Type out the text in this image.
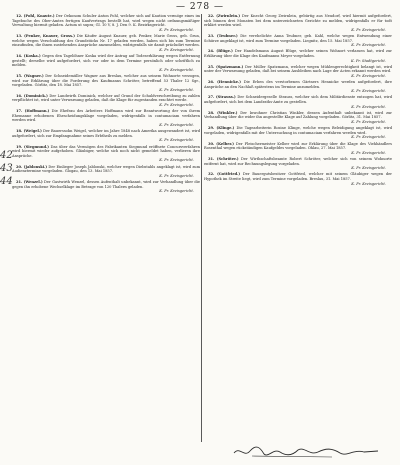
— 278 —

12. (Pohl, Knaute.) Der Oekonom Schuler Anton Pohl, welcher sich auf Kaution vermöge eines im Tagebuche des Ober-Amtes fertigen Kaufvertrags bestellt hat, wird wegen nicht ordnungsmäßiger Verwaltung hiermit geladen. Actum ut supra; Gl. 10 V, 8. J. Den 9. K. Bezirksgericht.
K. Pr. Kreisgericht.

13. (Penker, Knauer, Gross.) Die Käufer August Knauer, geb. Penker, Marie Gross, geb. Grun, welche wegen Verschuldung des Grundstücks Nr. 17 geladen werden, haben sich bis zum Termine einzufinden, die ihnen zustehenden Ansprüche anzumelden, widrigenfalls sie damit präcludirt werden.
K. Pr. Kreisgericht.

14. (Koska.) Gegen den Tagelöhner Koska wird der Antrag auf Todeserklärung wegen Entfernung gestellt; derselbe wird aufgefordert, sich vor oder in dem Termine persönlich oder schriftlich zu melden.
K. Pr. Kreisgericht.

15. (Wagner.) Der Schneidemüller Wagner aus Breslau, welcher aus seinem Wohnorte verzogen, wird zur Erklärung über die Forderung des Kaufmanns Schröter, betreffend 53 Thaler 12 Sgr., vorgeladen. Görlitz, den 18. Mai 1857.
K. Pr. Kreisgericht.

16. (Dominick.) Der Landwirth Dominick, welcher auf Grund der Schuldverschreibung zu zahlen verpflichtet ist, wird unter Verwarnung geladen, daß die Klage für zugestanden erachtet werde.
K. Pr. Kreisgericht.

17. (Hoffmann.) Die Ehefrau des Arbeiters Hoffmann wird zur Beantwortung der von ihrem Ehemanne erhobenen Ehescheidungsklage vorgeladen, widrigenfalls in contumaciam verfahren werden wird.
K. Pr. Kreisgericht.

18. (Weigel.) Der Bauerssohn Weigel, welcher im Jahre 1848 nach Amerika ausgewandert ist, wird aufgefordert, sich zur Empfangnahme seines Erbtheils zu melden.
K. Pr. Kreisgericht.

19. (Siegmund.) Das über das Vermögen des Fabrikanten Siegmund eröffnete Concursverfahren wird hiermit wieder aufgehoben. Gläubiger, welche sich noch nicht gemeldet haben, verlieren ihre Ansprüche.
K. Pr. Kreisgericht.

20. (Jablonski.) Der Einlieger Joseph Jablonski, welcher wegen Diebstahls angeklagt ist, wird zum Audienztermine vorgeladen. Glogau, den 13. Mai 1857.
K. Pr. Kreisgericht.

21. (Wenzel.) Der Gastwirth Wenzel, dessen Aufenthalt unbekannt, wird zur Verhandlung über die gegen ihn erhobene Wechselklage im Betrage von 120 Thalern geladen.
K. Pr. Kreisgericht.

22. (Zwirnlein.) Der Knecht Georg Zwirnlein, gebürtig aus Neudorf, wird hiermit aufgefordert, sich binnen drei Monaten bei dem unterzeichneten Gerichte zu melden, widrigenfalls er für todt erklärt werden wird.
K. Pr. Kreisgericht.

23. (Teubner.) Die verehelichte Anna Teubner, geb. Kahl, welche wegen Entwendung einer Schürze angeklagt ist, wird zum Termine vorgeladen. Liegnitz, den 15. Mai 1857.
K. Pr. Kreisgericht.

24. (Blüge.) Der Handelsmann August Blüge, welcher seinen Wohnort verlassen hat, wird zur Erklärung über die Klage des Kaufmanns Meyer vorgeladen.
K. Pr. Stadtgericht.

25. (Spatzmann.) Der Müller Spatzmann, welcher wegen Mühlengerechtigkeit belangt ist, wird unter der Verwarnung geladen, daß bei seinem Ausbleiben nach Lage der Acten erkannt werden wird.
K. Pr. Kreisgericht.

26. (Hennicke.) Die Erben des verstorbenen Gärtners Hennicke werden aufgefordert, ihre Ansprüche an den Nachlaß spätestens im Termine anzumelden.
K. Pr. Kreisgericht.

27. (Strauss.) Der Schneidergeselle Strauss, welcher sich dem Militärdienste entzogen hat, wird aufgefordert, sich bei dem Landraths-Amte zu gestellen.
K. Pr. Kreisgericht.

28. (Winkler.) Der Inwohner Christian Winkler, dessen Aufenthalt unbekannt ist, wird zur Verhandlung über die wider ihn angestellte Klage auf Zahlung vorgeladen. Görlitz, 31. Mai 1857.
K. Pr. Kreisgericht.

29. (Klinge.) Die Tagearbeiterin Rosine Klinge, welche wegen Beleidigung angeklagt ist, wird vorgeladen, widrigenfalls mit der Untersuchung in contumaciam verfahren werden wird.
K. Pr. Kreisgericht.

30. (Kelber.) Der Fleischermeister Kelber wird zur Erklärung über die Klage des Viehhändlers Rosenthal wegen rückständigen Kaufgeldes vorgeladen. Ohlau, 27. Mai 1857.
K. Pr. Kreisgericht.

31. (Schröter.) Der Wirthschaftsbeamte Robert Schröter, welcher sich von seinem Wohnorte entfernt hat, wird zur Rechnungslegung vorgeladen.
K. Pr. Kreisgericht.

32. (Gottfried.) Der Bauergutsbesitzer Gottfried, welcher mit seinem Gläubiger wegen der Hypothek im Streite liegt, wird zum Termine vorgeladen. Breslau, 31. Mai 1857.
K. Pr. Kreisgericht.

42
43
44
